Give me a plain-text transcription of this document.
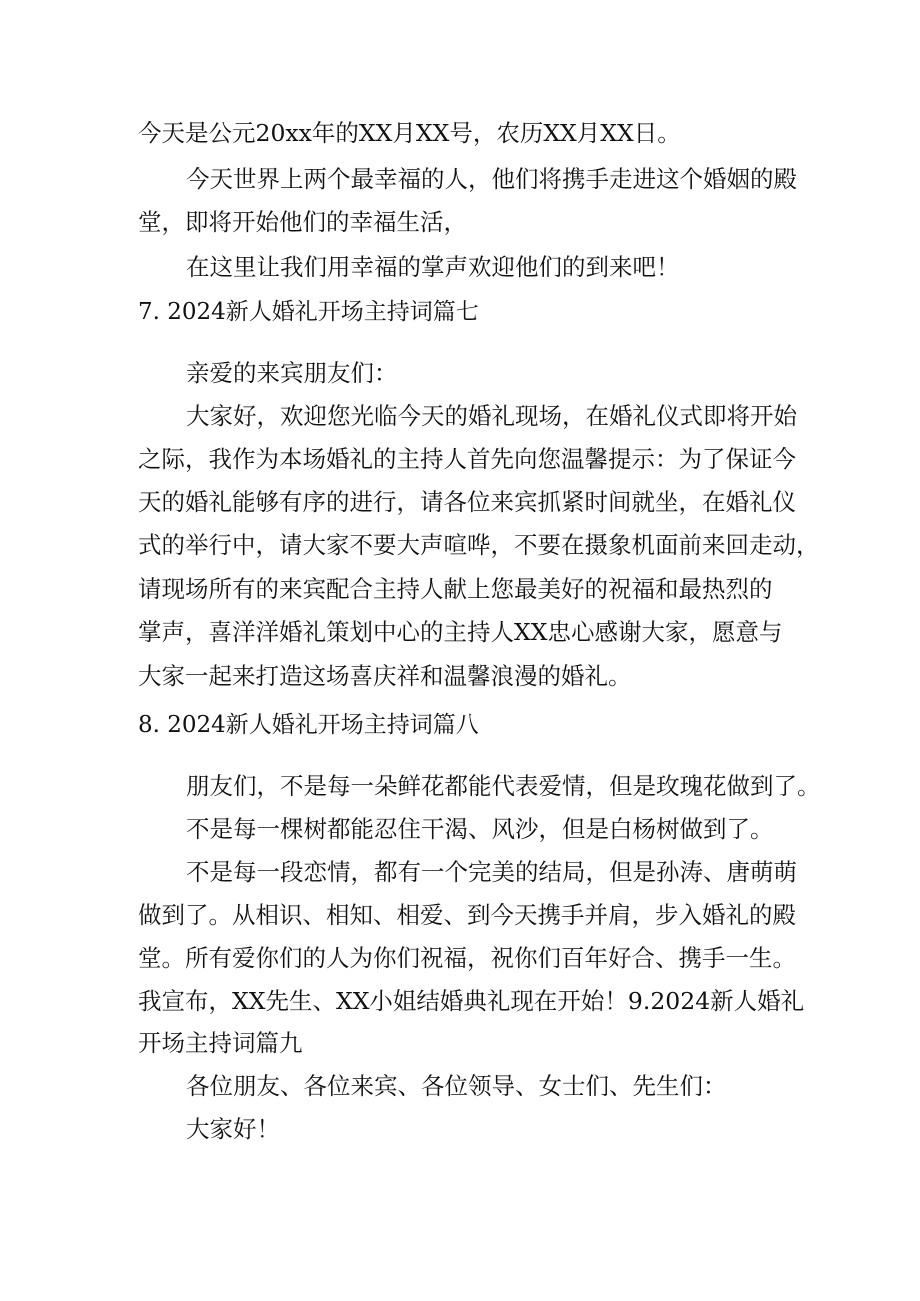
今天是公元20xx年的XX月XX号，农历XX月XX日。
今天世界上两个最幸福的人，他们将携手走进这个婚姻的殿
堂，即将开始他们的幸福生活，
在这里让我们用幸福的掌声欢迎他们的到来吧！
7. 2024新人婚礼开场主持词篇七
亲爱的来宾朋友们：
大家好，欢迎您光临今天的婚礼现场，在婚礼仪式即将开始
之际，我作为本场婚礼的主持人首先向您温馨提示：为了保证今
天的婚礼能够有序的进行，请各位来宾抓紧时间就坐，在婚礼仪
式的举行中，请大家不要大声喧哗，不要在摄象机面前来回走动，
请现场所有的来宾配合主持人献上您最美好的祝福和最热烈的
掌声，喜洋洋婚礼策划中心的主持人XX忠心感谢大家，愿意与
大家一起来打造这场喜庆祥和温馨浪漫的婚礼。
8. 2024新人婚礼开场主持词篇八
朋友们，不是每一朵鲜花都能代表爱情，但是玫瑰花做到了。
不是每一棵树都能忍住干渴、风沙，但是白杨树做到了。
不是每一段恋情，都有一个完美的结局，但是孙涛、唐萌萌
做到了。从相识、相知、相爱、到今天携手并肩，步入婚礼的殿
堂。所有爱你们的人为你们祝福，祝你们百年好合、携手一生。
我宣布，XX先生、XX小姐结婚典礼现在开始！9.2024新人婚礼
开场主持词篇九
各位朋友、各位来宾、各位领导、女士们、先生们：
大家好！
